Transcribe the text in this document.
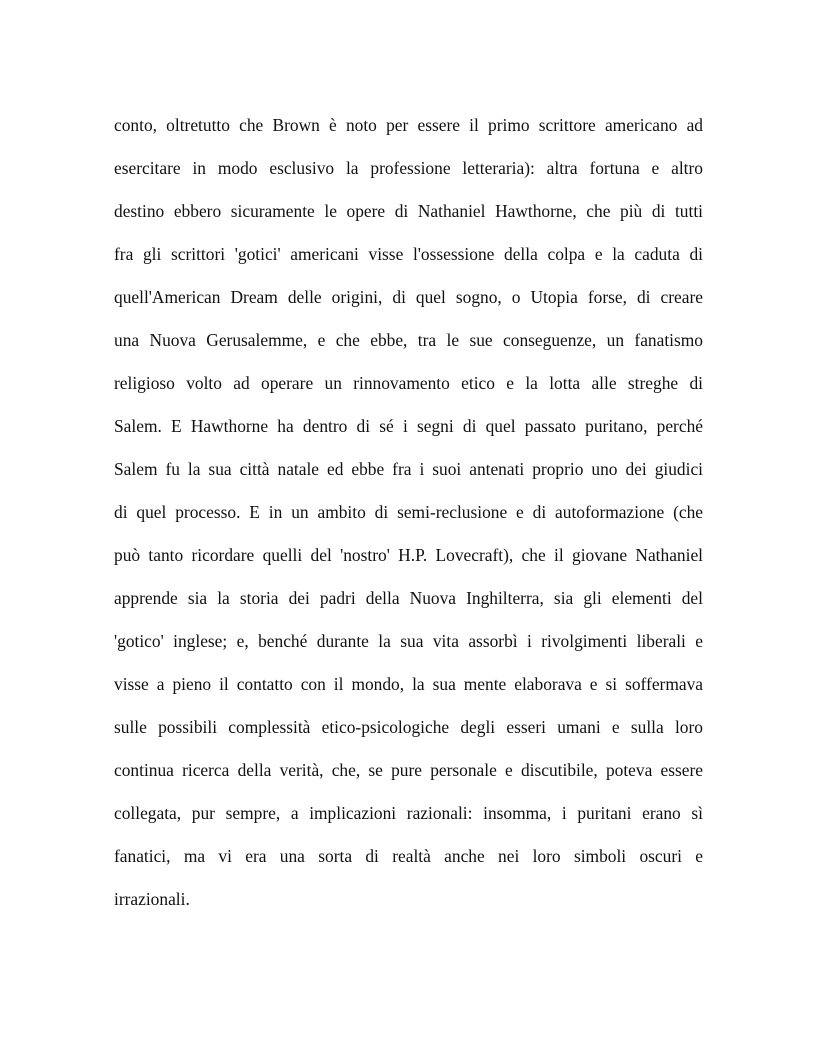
conto, oltretutto che Brown è noto per essere il primo scrittore americano ad
esercitare in modo esclusivo la professione letteraria): altra fortuna e altro
destino ebbero sicuramente le opere di Nathaniel Hawthorne, che più di tutti
fra gli scrittori 'gotici' americani visse l'ossessione della colpa e la caduta di
quell'American Dream delle origini, di quel sogno, o Utopia forse, di creare
una Nuova Gerusalemme, e che ebbe, tra le sue conseguenze, un fanatismo
religioso volto ad operare un rinnovamento etico e la lotta alle streghe di
Salem. E Hawthorne ha dentro di sé i segni di quel passato puritano, perché
Salem fu la sua città natale ed ebbe fra i suoi antenati proprio uno dei giudici
di quel processo. E in un ambito di semi-reclusione e di autoformazione (che
può tanto ricordare quelli del 'nostro' H.P. Lovecraft), che il giovane Nathaniel
apprende sia la storia dei padri della Nuova Inghilterra, sia gli elementi del
'gotico' inglese; e, benché durante la sua vita assorbì i rivolgimenti liberali e
visse a pieno il contatto con il mondo, la sua mente elaborava e si soffermava
sulle possibili complessità etico-psicologiche degli esseri umani e sulla loro
continua ricerca della verità, che, se pure personale e discutibile, poteva essere
collegata, pur sempre, a implicazioni razionali: insomma, i puritani erano sì
fanatici, ma vi era una sorta di realtà anche nei loro simboli oscuri e
irrazionali.
